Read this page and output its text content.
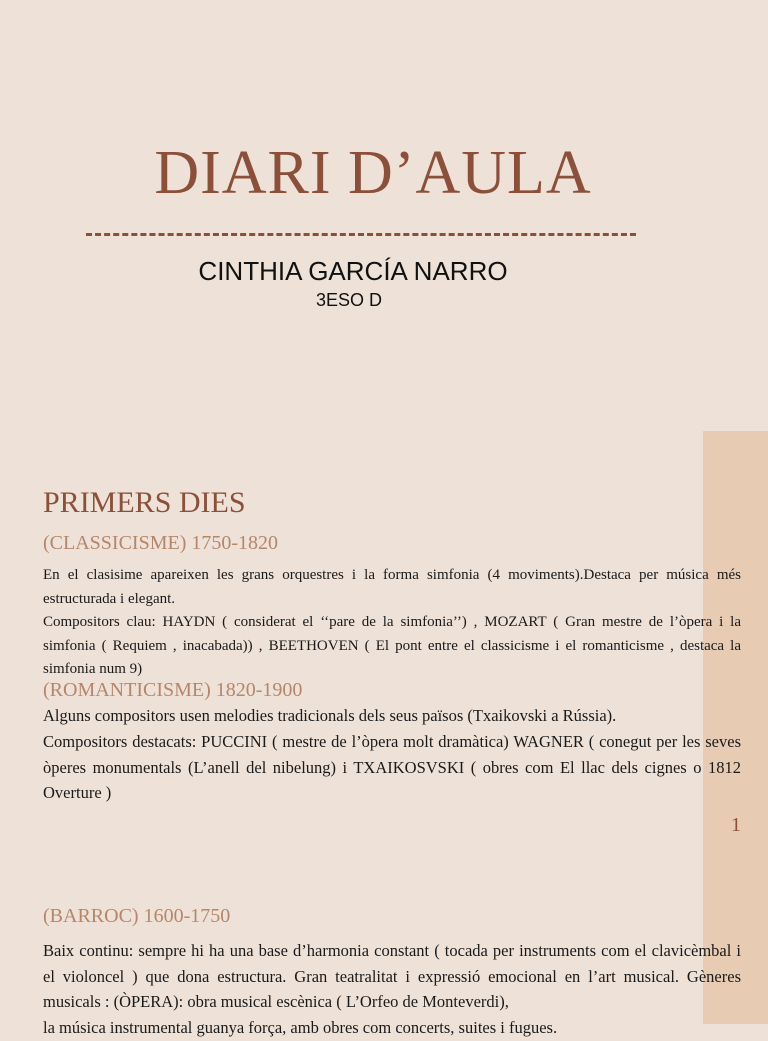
DIARI D’AULA
CINTHIA GARCÍA NARRO
3ESO D
PRIMERS DIES
(CLASSICISME) 1750-1820

En el clasisime apareixen les grans orquestres i la forma simfonia (4 moviments).Destaca per música més estructurada i elegant.

Compositors clau: HAYDN ( considerat el ‘‘pare de la simfonia’’) , MOZART ( Gran mestre de l’òpera i la simfonia ( Requiem , inacabada)) , BEETHOVEN ( El pont entre el classicisme i el romanticisme , destaca la simfonia num 9)

(ROMANTICISME) 1820-1900

Alguns compositors usen melodies tradicionals dels seus països (Txaikovski a Rússia).

Compositors destacats: PUCCINI ( mestre de l’òpera molt dramàtica) WAGNER ( conegut per les seves òperes monumentals (L’anell del nibelung) i TXAIKOSVSKI ( obres com El llac dels cignes o 1812 Overture )

1
(BARROC) 1600-1750

Baix continu: sempre hi ha una base d’harmonia constant ( tocada per instruments com el clavicèmbal i el violoncel ) que dona estructura. Gran teatralitat i expressió emocional en l’art musical. Gèneres musicals : (ÒPERA): obra musical escènica ( L’Orfeo de Monteverdi),

la música instrumental guanya força, amb obres com concerts, suites i fugues.
